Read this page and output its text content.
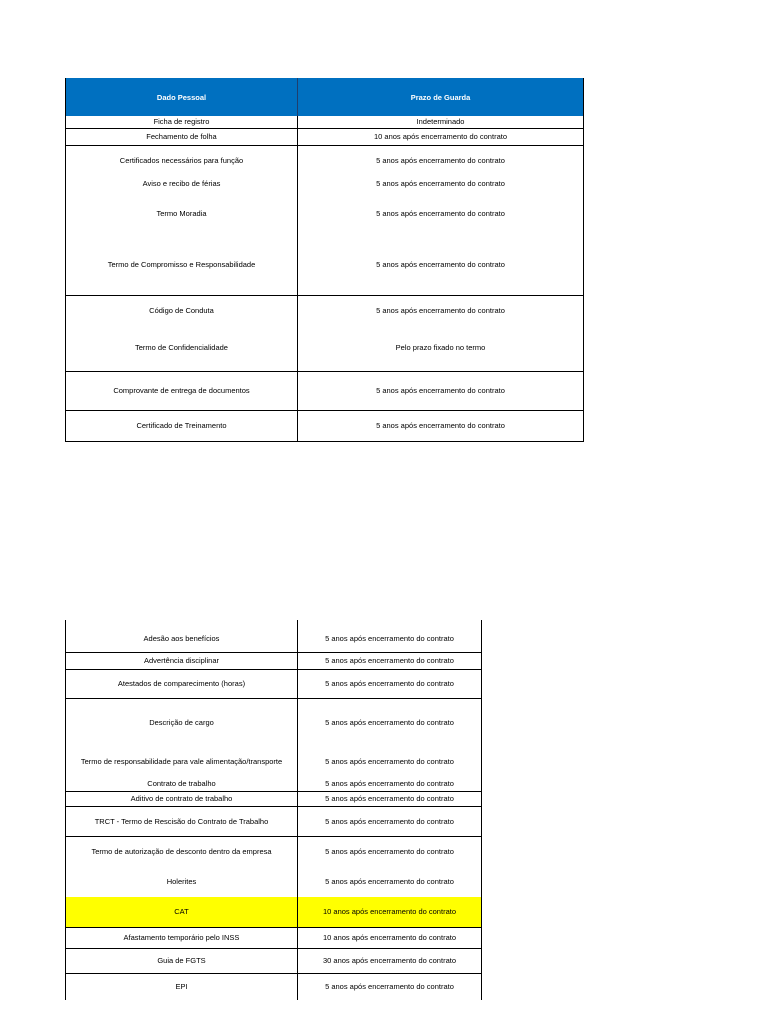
Dado Pessoal	Prazo de Guarda
Ficha de registro	Indeterminado
Fechamento de folha	10 anos após encerramento do contrato
Certificados necessários para função	5 anos após encerramento do contrato
Aviso e recibo de férias	5 anos após encerramento do contrato
Termo Moradia	5 anos após encerramento do contrato
Termo de Compromisso e Responsabilidade	5 anos após encerramento do contrato
Código de Conduta	5 anos após encerramento do contrato
Termo de Confidencialidade	Pelo prazo fixado no termo
Comprovante de entrega de documentos	5 anos após encerramento do contrato
Certificado de Treinamento	5 anos após encerramento do contrato
Adesão aos benefícios	5 anos após encerramento do contrato
Advertência disciplinar	5 anos após encerramento do contrato
Atestados de comparecimento (horas)	5 anos após encerramento do contrato
Descrição de cargo	5 anos após encerramento do contrato
Termo de responsabilidade para vale alimentação/transporte	5 anos após encerramento do contrato
Contrato de trabalho	5 anos após encerramento do contrato
Aditivo de contrato de trabalho	5 anos após encerramento do contrato
TRCT - Termo de Rescisão do Contrato de Trabalho	5 anos após encerramento do contrato
Termo de autorização de desconto dentro da empresa	5 anos após encerramento do contrato
Holerites	5 anos após encerramento do contrato
CAT	10 anos após encerramento do contrato
Afastamento temporário pelo INSS	10 anos após encerramento do contrato
Guia de FGTS	30 anos após encerramento do contrato
EPI	5 anos após encerramento do contrato
